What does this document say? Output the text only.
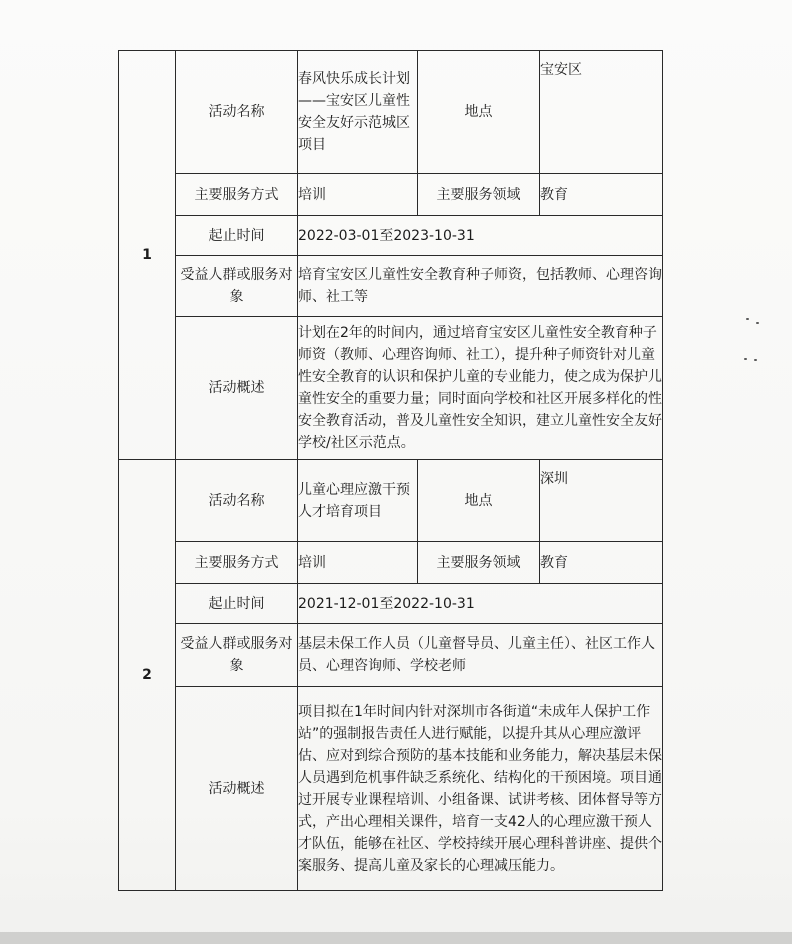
1	活动名称	春风快乐成长计划——宝安区儿童性安全友好示范城区项目	地点	宝安区
	主要服务方式	培训	主要服务领域	教育
	起止时间	2022-03-01至2023-10-31		
	受益人群或服务对象	培育宝安区儿童性安全教育种子师资，包括教师、心理咨询师、社工等		
	活动概述	计划在2年的时间内，通过培育宝安区儿童性安全教育种子师资（教师、心理咨询师、社工），提升种子师资针对儿童性安全教育的认识和保护儿童的专业能力，使之成为保护儿童性安全的重要力量；同时面向学校和社区开展多样化的性安全教育活动，普及儿童性安全知识，建立儿童性安全友好学校/社区示范点。		
2	活动名称	儿童心理应激干预人才培育项目	地点	深圳
	主要服务方式	培训	主要服务领域	教育
	起止时间	2021-12-01至2022-10-31		
	受益人群或服务对象	基层未保工作人员（儿童督导员、儿童主任）、社区工作人员、心理咨询师、学校老师		
	活动概述	项目拟在1年时间内针对深圳市各街道“未成年人保护工作站”的强制报告责任人进行赋能，以提升其从心理应激评估、应对到综合预防的基本技能和业务能力，解决基层未保人员遇到危机事件缺乏系统化、结构化的干预困境。项目通过开展专业课程培训、小组备课、试讲考核、团体督导等方式，产出心理相关课件，培育一支42人的心理应激干预人才队伍，能够在社区、学校持续开展心理科普讲座、提供个案服务、提高儿童及家长的心理减压能力。		
